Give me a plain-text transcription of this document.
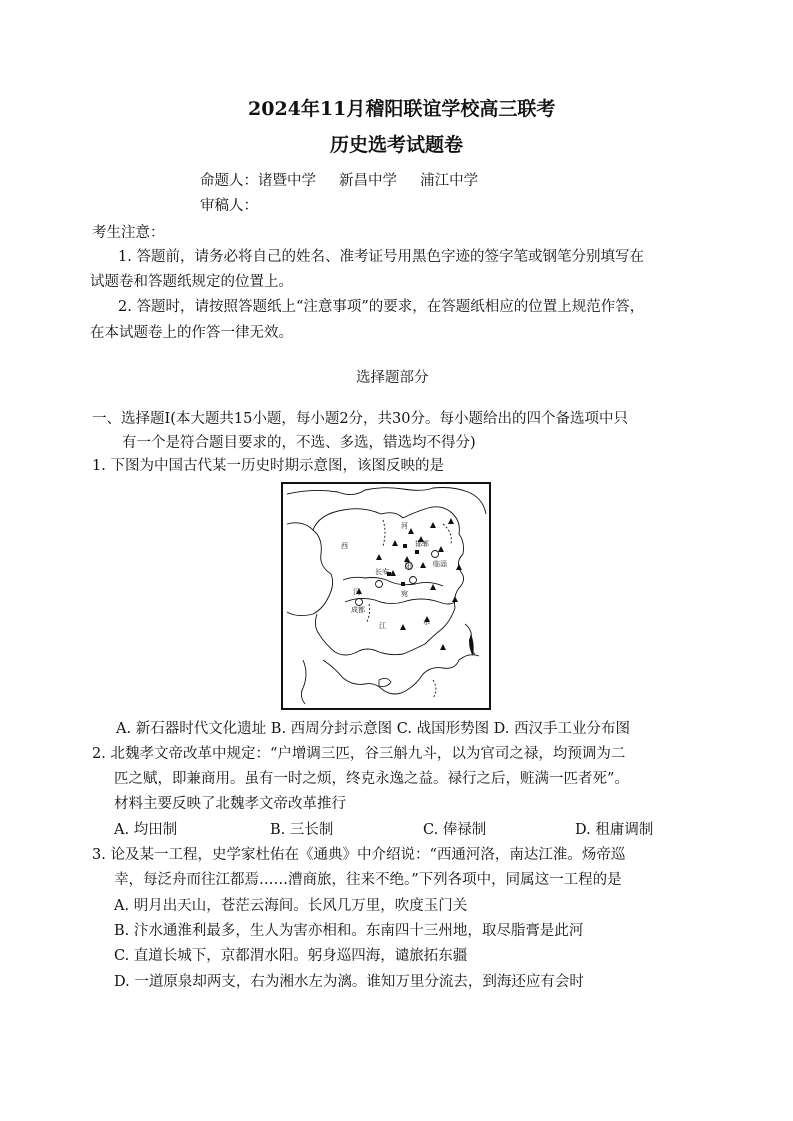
2024年11月稽阳联谊学校高三联考
历史选考试题卷
命题人：诸暨中学     新昌中学     浦江中学
审稿人：
考生注意：
1. 答题前，请务必将自己的姓名、准考证号用黑色字迹的签字笔或钢笔分别填写在
试题卷和答题纸规定的位置上。
2. 答题时，请按照答题纸上“注意事项”的要求，在答题纸相应的位置上规范作答，
在本试题卷上的作答一律无效。
选择题部分
一、选择题Ⅰ(本大题共15小题，每小题2分，共30分。每小题给出的四个备选项中只
有一个是符合题目要求的，不选、多选，错选均不得分)
1. 下图为中国古代某一历史时期示意图，该图反映的是
河
西
长安
邯郸
临淄
阳
宛
汉
成都
江	水
A. 新石器时代文化遗址 B. 西周分封示意图 C. 战国形势图 D. 西汉手工业分布图
2. 北魏孝文帝改革中规定：“户增调三匹，谷三斛九斗，以为官司之禄，均预调为二
匹之赋，即兼商用。虽有一时之烦，终克永逸之益。禄行之后，赃满一匹者死”。
材料主要反映了北魏孝文帝改革推行
A. 均田制	B. 三长制	C. 俸禄制	D. 租庸调制
3. 论及某一工程，史学家杜佑在《通典》中介绍说：“西通河洛，南达江淮。炀帝巡
幸，每泛舟而往江都焉……漕商旅，往来不绝。”下列各项中，同属这一工程的是
A. 明月出天山，苍茫云海间。长风几万里，吹度玉门关
B. 汴水通淮利最多，生人为害亦相和。东南四十三州地，取尽脂膏是此河
C. 直道长城下，京都渭水阳。躬身巡四海，谴旅拓东疆
D. 一道原泉却两支，右为湘水左为漓。谁知万里分流去，到海还应有会时
